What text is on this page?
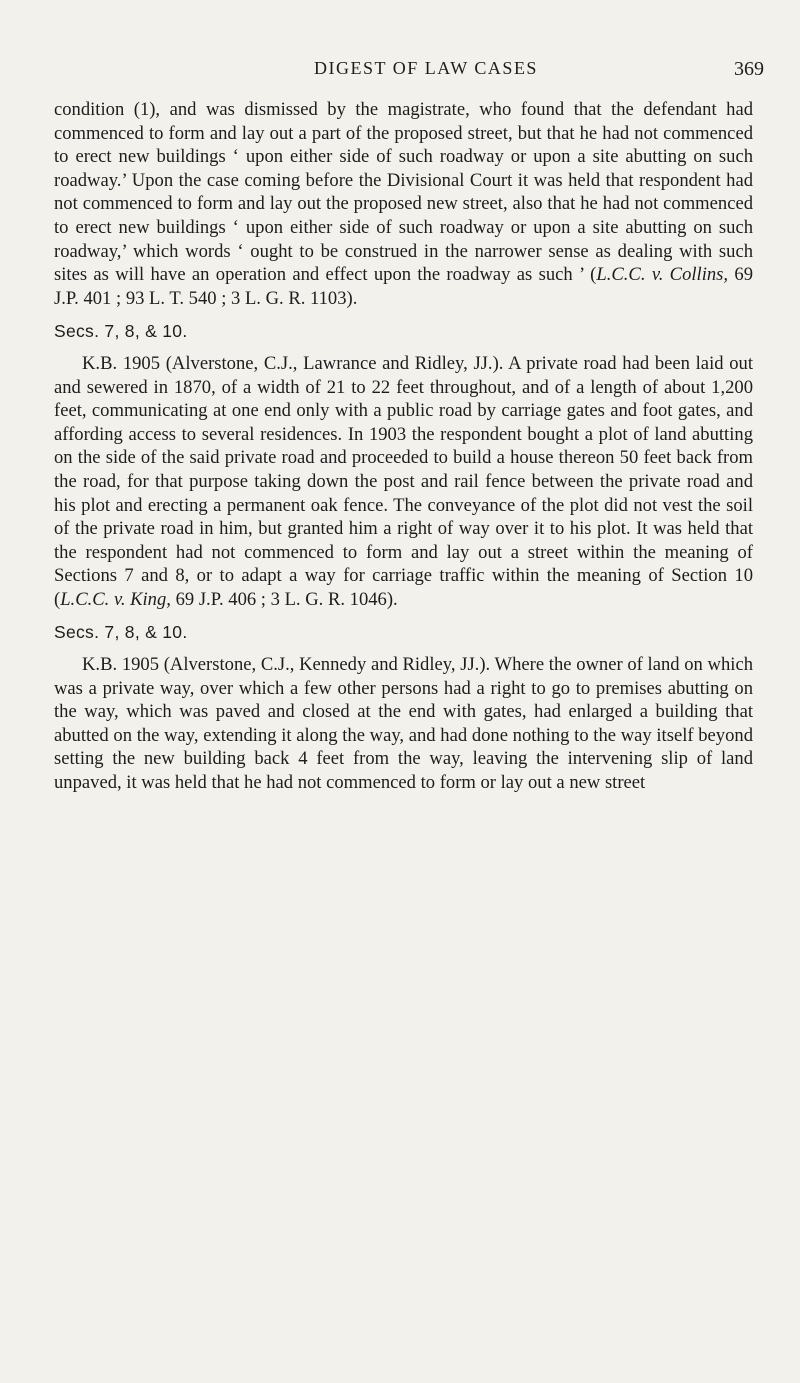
DIGEST OF LAW CASES	369

condition (1), and was dismissed by the magistrate, who found that the defendant had commenced to form and lay out a part of the proposed street, but that he had not commenced to erect new buildings ‘ upon either side of such roadway or upon a site abutting on such roadway.’ Upon the case coming before the Divisional Court it was held that respondent had not commenced to form and lay out the proposed new street, also that he had not commenced to erect new buildings ‘ upon either side of such roadway or upon a site abutting on such roadway,’ which words ‘ ought to be construed in the narrower sense as dealing with such sites as will have an operation and effect upon the roadway as such ’ (L.C.C. v. Collins, 69 J.P. 401 ; 93 L. T. 540 ; 3 L. G. R. 1103).

Secs. 7, 8, & 10.

K.B. 1905 (Alverstone, C.J., Lawrance and Ridley, JJ.). A private road had been laid out and sewered in 1870, of a width of 21 to 22 feet throughout, and of a length of about 1,200 feet, communicating at one end only with a public road by carriage gates and foot gates, and affording access to several residences. In 1903 the respondent bought a plot of land abutting on the side of the said private road and proceeded to build a house thereon 50 feet back from the road, for that purpose taking down the post and rail fence between the private road and his plot and erecting a permanent oak fence. The conveyance of the plot did not vest the soil of the private road in him, but granted him a right of way over it to his plot. It was held that the respondent had not commenced to form and lay out a street within the meaning of Sections 7 and 8, or to adapt a way for carriage traffic within the meaning of Section 10 (L.C.C. v. King, 69 J.P. 406 ; 3 L. G. R. 1046).

Secs. 7, 8, & 10.

K.B. 1905 (Alverstone, C.J., Kennedy and Ridley, JJ.). Where the owner of land on which was a private way, over which a few other persons had a right to go to premises abutting on the way, which was paved and closed at the end with gates, had enlarged a building that abutted on the way, extending it along the way, and had done nothing to the way itself beyond setting the new building back 4 feet from the way, leaving the intervening slip of land unpaved, it was held that he had not commenced to form or lay out a new street
